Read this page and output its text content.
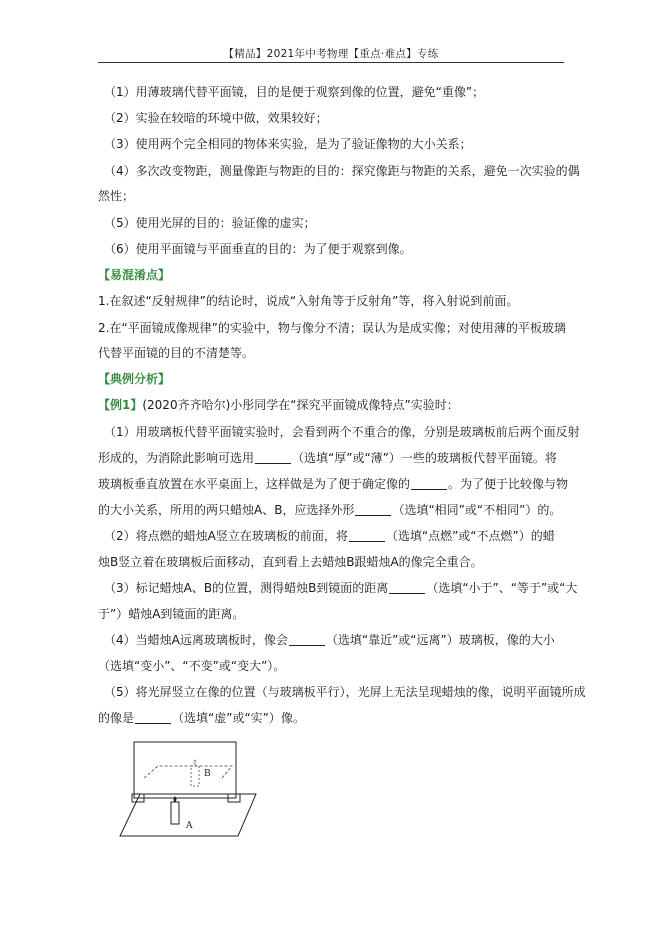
【精品】2021年中考物理【重点·难点】专练
（1）用薄玻璃代替平面镜，目的是便于观察到像的位置，避免“重像”；
（2）实验在较暗的环境中做，效果较好；
（3）使用两个完全相同的物体来实验，是为了验证像物的大小关系；
（4）多次改变物距，测量像距与物距的目的：探究像距与物距的关系，避免一次实验的偶
然性；
（5）使用光屏的目的：验证像的虚实；
（6）使用平面镜与平面垂直的目的：为了便于观察到像。
【易混淆点】
1.在叙述“反射规律”的结论时，说成“入射角等于反射角”等，将入射说到前面。
2.在“平面镜成像规律”的实验中，物与像分不清；误认为是成实像；对使用薄的平板玻璃
代替平面镜的目的不清楚等。
【典例分析】
【例1】(2020齐齐哈尔)小彤同学在“探究平面镜成像特点”实验时：
（1）用玻璃板代替平面镜实验时，会看到两个不重合的像，分别是玻璃板前后两个面反射
形成的，为消除此影响可选用	（选填“厚”或“薄”）一些的玻璃板代替平面镜。将
玻璃板垂直放置在水平桌面上，这样做是为了便于确定像的	。为了便于比较像与物
的大小关系，所用的两只蜡烛A、B，应选择外形	（选填“相同”或“不相同”）的。
（2）将点燃的蜡烛A竖立在玻璃板的前面，将	（选填“点燃”或“不点燃”）的蜡
烛B竖立着在玻璃板后面移动，直到看上去蜡烛B跟蜡烛A的像完全重合。
（3）标记蜡烛A、B的位置，测得蜡烛B到镜面的距离	（选填“小于”、“等于”或“大
于”）蜡烛A到镜面的距离。
（4）当蜡烛A远离玻璃板时，像会	（选填“靠近”或“远离”）玻璃板，像的大小
（选填“变小”、“不变”或“变大”）。
（5）将光屏竖立在像的位置（与玻璃板平行），光屏上无法呈现蜡烛的像，说明平面镜所成
的像是	（选填“虚”或“实”）像。
A
B
